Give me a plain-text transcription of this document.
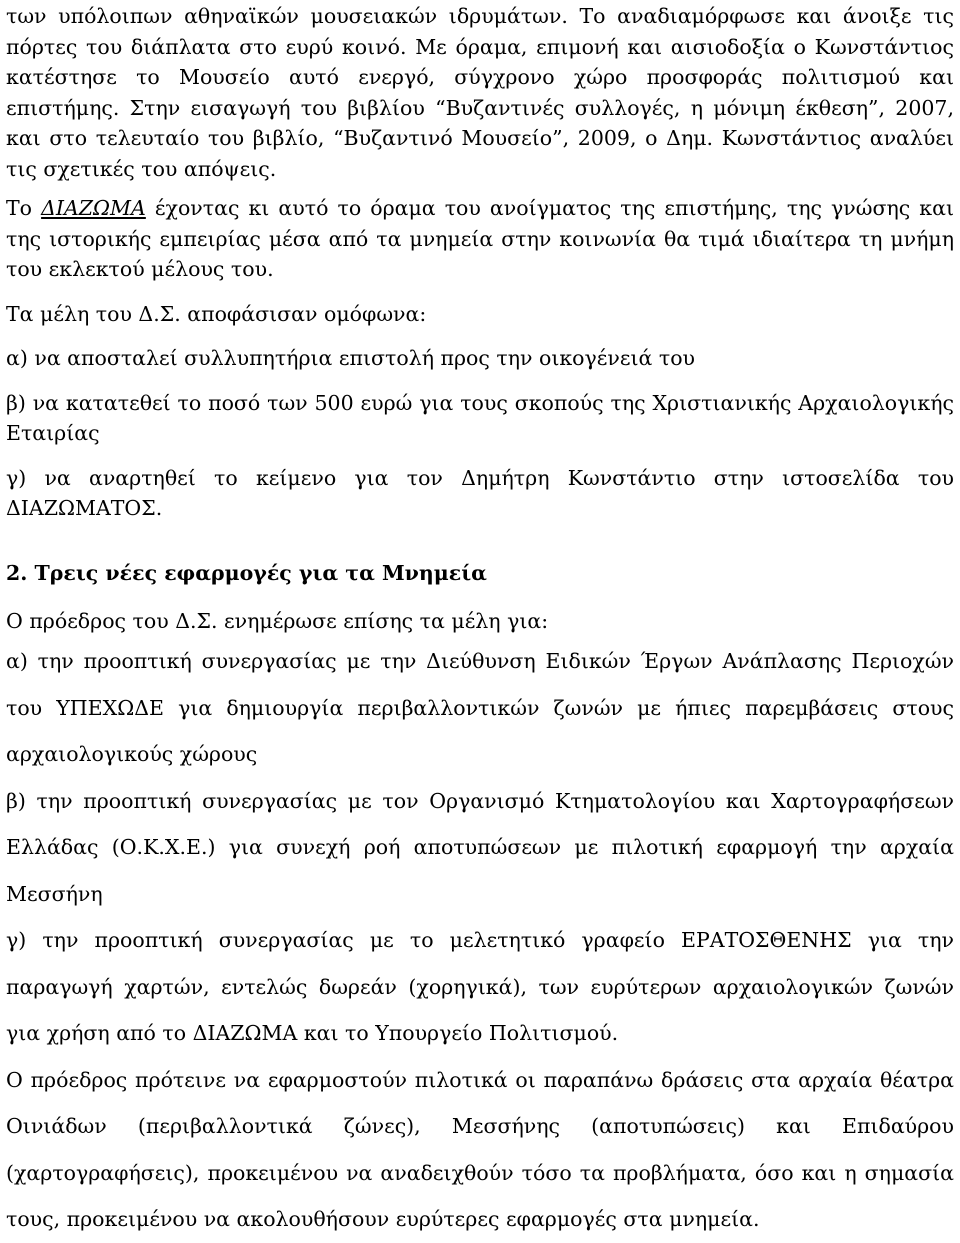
των υπόλοιπων αθηναϊκών μουσειακών ιδρυμάτων. Το αναδιαμόρφωσε και άνοιξε τις πόρτες του διάπλατα στο ευρύ κοινό. Με όραμα, επιμονή και αισιοδοξία ο Κωνστάντιος κατέστησε το Μουσείο αυτό ενεργό, σύγχρονο χώρο προσφοράς πολιτισμού και επιστήμης. Στην εισαγωγή του βιβλίου “Βυζαντινές συλλογές, η μόνιμη έκθεση”, 2007, και στο τελευταίο του βιβλίο, “Βυζαντινό Μουσείο”, 2009, ο Δημ. Κωνστάντιος αναλύει τις σχετικές του απόψεις.

Το ΔΙΑΖΩΜΑ έχοντας κι αυτό το όραμα του ανοίγματος της επιστήμης, της γνώσης και της ιστορικής εμπειρίας μέσα από τα μνημεία στην κοινωνία θα τιμά ιδιαίτερα τη μνήμη του εκλεκτού μέλους του.

Τα μέλη του Δ.Σ. αποφάσισαν ομόφωνα:

α) να αποσταλεί συλλυπητήρια επιστολή προς την οικογένειά του

β) να κατατεθεί το ποσό των 500 ευρώ για τους σκοπούς της Χριστιανικής Αρχαιολογικής Εταιρίας

γ) να αναρτηθεί το κείμενο για τον Δημήτρη Κωνστάντιο στην ιστοσελίδα του ΔΙΑΖΩΜΑΤΟΣ.

2. Τρεις νέες εφαρμογές για τα Μνημεία

Ο πρόεδρος του Δ.Σ. ενημέρωσε επίσης τα μέλη για:

α) την προοπτική συνεργασίας με την Διεύθυνση Ειδικών Έργων Ανάπλασης Περιοχών του ΥΠΕΧΩΔΕ για δημιουργία περιβαλλοντικών ζωνών με ήπιες παρεμβάσεις στους αρχαιολογικούς χώρους

β) την προοπτική συνεργασίας με τον Οργανισμό Κτηματολογίου και Χαρτογραφήσεων Ελλάδας (Ο.Κ.Χ.Ε.) για συνεχή ροή αποτυπώσεων με πιλοτική εφαρμογή την αρχαία Μεσσήνη

γ) την προοπτική συνεργασίας με το μελετητικό γραφείο ΕΡΑΤΟΣΘΕΝΗΣ για την παραγωγή χαρτών, εντελώς δωρεάν (χορηγικά), των ευρύτερων αρχαιολογικών ζωνών για χρήση από το ΔΙΑΖΩΜΑ και το Υπουργείο Πολιτισμού.

Ο πρόεδρος πρότεινε να εφαρμοστούν πιλοτικά οι παραπάνω δράσεις στα αρχαία θέατρα Οινιάδων (περιβαλλοντικά ζώνες), Μεσσήνης (αποτυπώσεις) και Επιδαύρου (χαρτογραφήσεις), προκειμένου να αναδειχθούν τόσο τα προβλήματα, όσο και η σημασία τους, προκειμένου να ακολουθήσουν ευρύτερες εφαρμογές στα μνημεία.
